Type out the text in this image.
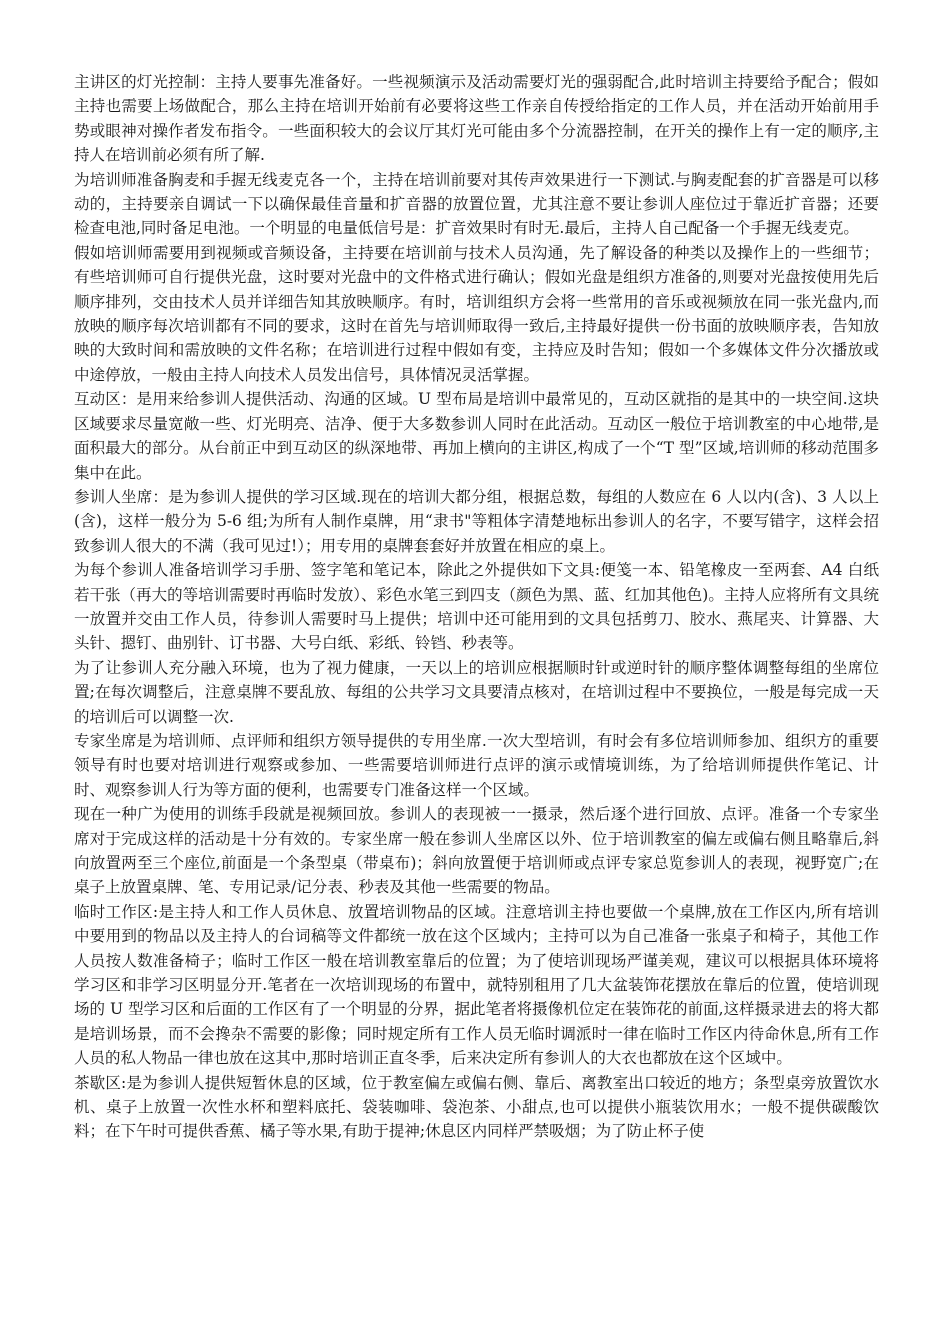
主讲区的灯光控制：主持人要事先准备好。一些视频演示及活动需要灯光的强弱配合,此时培训主持要给予配合；假如主持也需要上场做配合，那么主持在培训开始前有必要将这些工作亲自传授给指定的工作人员，并在活动开始前用手势或眼神对操作者发布指令。一些面积较大的会议厅其灯光可能由多个分流器控制，在开关的操作上有一定的顺序,主持人在培训前必须有所了解.

为培训师准备胸麦和手握无线麦克各一个，主持在培训前要对其传声效果进行一下测试.与胸麦配套的扩音器是可以移动的，主持要亲自调试一下以确保最佳音量和扩音器的放置位置，尤其注意不要让参训人座位过于靠近扩音器；还要检查电池,同时备足电池。一个明显的电量低信号是：扩音效果时有时无.最后，主持人自己配备一个手握无线麦克。

假如培训师需要用到视频或音频设备，主持要在培训前与技术人员沟通，先了解设备的种类以及操作上的一些细节；有些培训师可自行提供光盘，这时要对光盘中的文件格式进行确认；假如光盘是组织方准备的,则要对光盘按使用先后顺序排列，交由技术人员并详细告知其放映顺序。有时，培训组织方会将一些常用的音乐或视频放在同一张光盘内,而放映的顺序每次培训都有不同的要求，这时在首先与培训师取得一致后,主持最好提供一份书面的放映顺序表，告知放映的大致时间和需放映的文件名称；在培训进行过程中假如有变，主持应及时告知；假如一个多媒体文件分次播放或中途停放，一般由主持人向技术人员发出信号，具体情况灵活掌握。

互动区：是用来给参训人提供活动、沟通的区域。U 型布局是培训中最常见的，互动区就指的是其中的一块空间.这块区域要求尽量宽敞一些、灯光明亮、洁净、便于大多数参训人同时在此活动。互动区一般位于培训教室的中心地带,是面积最大的部分。从台前正中到互动区的纵深地带、再加上横向的主讲区,构成了一个“T 型”区域,培训师的移动范围多集中在此。

参训人坐席：是为参训人提供的学习区域.现在的培训大都分组，根据总数，每组的人数应在 6 人以内(含)、3 人以上(含)，这样一般分为 5-6 组;为所有人制作桌牌，用“隶书"等粗体字清楚地标出参训人的名字，不要写错字，这样会招致参训人很大的不满（我可见过!）；用专用的桌牌套套好并放置在相应的桌上。

为每个参训人准备培训学习手册、签字笔和笔记本，除此之外提供如下文具:便笺一本、铅笔橡皮一至两套、A4 白纸若干张（再大的等培训需要时再临时发放）、彩色水笔三到四支（颜色为黑、蓝、红加其他色)。主持人应将所有文具统一放置并交由工作人员，待参训人需要时马上提供；培训中还可能用到的文具包括剪刀、胶水、燕尾夹、计算器、大头针、摁钉、曲别针、订书器、大号白纸、彩纸、铃铛、秒表等。

为了让参训人充分融入环境，也为了视力健康，一天以上的培训应根据顺时针或逆时针的顺序整体调整每组的坐席位置;在每次调整后，注意桌牌不要乱放、每组的公共学习文具要清点核对，在培训过程中不要换位，一般是每完成一天的培训后可以调整一次.

专家坐席是为培训师、点评师和组织方领导提供的专用坐席.一次大型培训，有时会有多位培训师参加、组织方的重要领导有时也要对培训进行观察或参加、一些需要培训师进行点评的演示或情境训练，为了给培训师提供作笔记、计时、观察参训人行为等方面的便利，也需要专门准备这样一个区域。

现在一种广为使用的训练手段就是视频回放。参训人的表现被一一摄录，然后逐个进行回放、点评。准备一个专家坐席对于完成这样的活动是十分有效的。专家坐席一般在参训人坐席区以外、位于培训教室的偏左或偏右侧且略靠后,斜向放置两至三个座位,前面是一个条型桌（带桌布)；斜向放置便于培训师或点评专家总览参训人的表现，视野宽广;在桌子上放置桌牌、笔、专用记录/记分表、秒表及其他一些需要的物品。

临时工作区:是主持人和工作人员休息、放置培训物品的区域。注意培训主持也要做一个桌牌,放在工作区内,所有培训中要用到的物品以及主持人的台词稿等文件都统一放在这个区域内；主持可以为自己准备一张桌子和椅子，其他工作人员按人数准备椅子；临时工作区一般在培训教室靠后的位置；为了使培训现场严谨美观，建议可以根据具体环境将学习区和非学习区明显分开.笔者在一次培训现场的布置中，就特别租用了几大盆装饰花摆放在靠后的位置，使培训现场的 U 型学习区和后面的工作区有了一个明显的分界，据此笔者将摄像机位定在装饰花的前面,这样摄录进去的将大都是培训场景，而不会搀杂不需要的影像；同时规定所有工作人员无临时调派时一律在临时工作区内待命休息,所有工作人员的私人物品一律也放在这其中,那时培训正直冬季，后来决定所有参训人的大衣也都放在这个区域中。

茶歇区:是为参训人提供短暂休息的区域，位于教室偏左或偏右侧、靠后、离教室出口较近的地方；条型桌旁放置饮水机、桌子上放置一次性水杯和塑料底托、袋装咖啡、袋泡茶、小甜点,也可以提供小瓶装饮用水；一般不提供碳酸饮料；在下午时可提供香蕉、橘子等水果,有助于提神;休息区内同样严禁吸烟；为了防止杯子使
